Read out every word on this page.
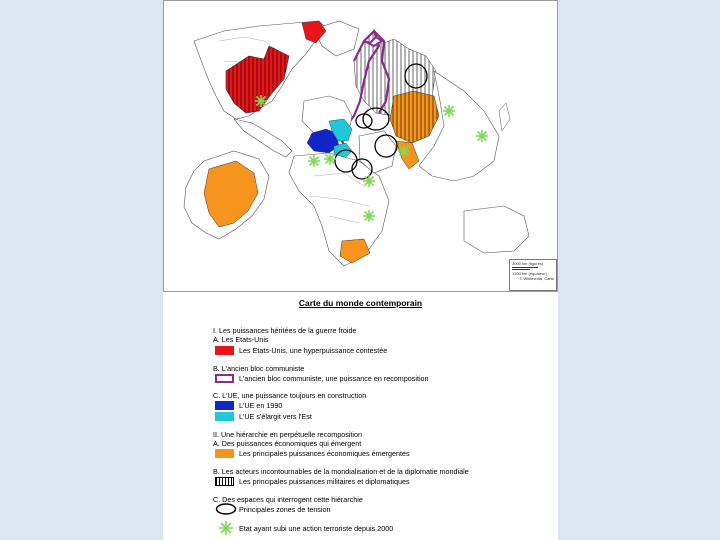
3000 km (figurés)
1200 km (équateur)
© Wikimedia, Carto
Carte du monde contemporain
I. Les puissances héritées de la guerre froide
A. Les Etats-Unis
Les Etats-Unis, une hyperpuissance contestée
B. L'ancien bloc communiste
L'ancien bloc communiste, une puissance en recomposition
C. L'UE, une puissance toujours en construction
L'UE en 1990
L'UE s'élargit vers l'Est
II. Une hiérarchie en perpétuelle recomposition
A. Des puissances économiques qui émergent
Les principales puissances économiques émergentes
B. Les acteurs incontournables de la mondialisation et de la diplomatie mondiale
Les principales puissances militaires et diplomatiques
C. Des espaces qui interrogent cette hiérarchie
Principales zones de tension
Etat ayant subi une action terroriste depuis 2000
